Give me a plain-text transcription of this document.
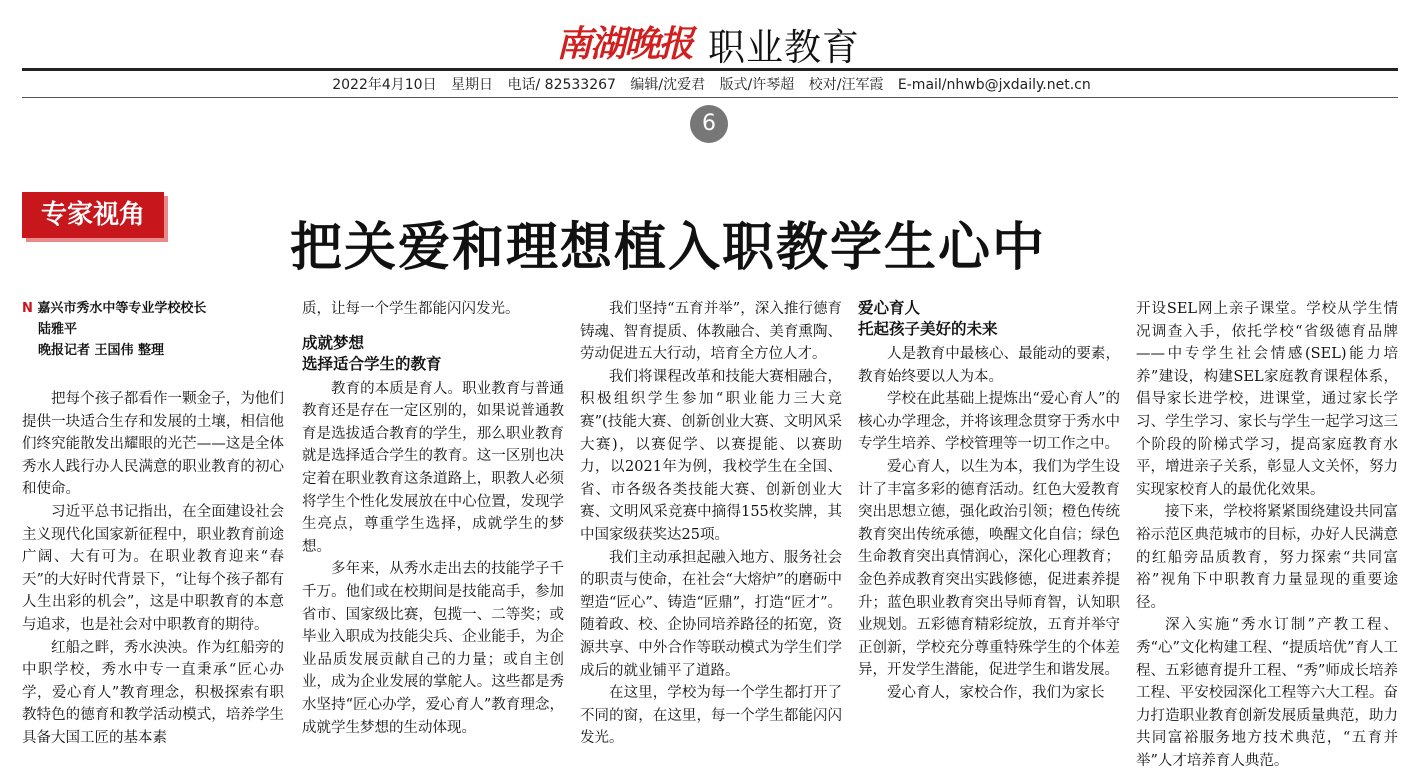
南湖晚报 职业教育
2022年4月10日 星期日 电话/ 82533267 编辑/沈爱君 版式/许琴超 校对/汪军霞 E-mail/nhwb@jxdaily.net.cn
6
专家视角
把关爱和理想植入职教学生心中
N 嘉兴市秀水中等专业学校校长
陆雅平
晚报记者 王国伟 整理

把每个孩子都看作一颗金子，为他们提供一块适合生存和发展的土壤，相信他们终究能散发出耀眼的光芒——这是全体秀水人践行办人民满意的职业教育的初心和使命。

习近平总书记指出，在全面建设社会主义现代化国家新征程中，职业教育前途广阔、大有可为。在职业教育迎来“春天”的大好时代背景下，“让每个孩子都有人生出彩的机会”，这是中职教育的本意与追求，也是社会对中职教育的期待。

红船之畔，秀水泱泱。作为红船旁的中职学校，秀水中专一直秉承“匠心办学，爱心育人”教育理念，积极探索有职教特色的德育和教学活动模式，培养学生具备大国工匠的基本素

质，让每一个学生都能闪闪发光。

成就梦想
选择适合学生的教育

教育的本质是育人。职业教育与普通教育还是存在一定区别的，如果说普通教育是选拔适合教育的学生，那么职业教育就是选择适合学生的教育。这一区别也决定着在职业教育这条道路上，职教人必须将学生个性化发展放在中心位置，发现学生亮点，尊重学生选择，成就学生的梦想。

多年来，从秀水走出去的技能学子千千万。他们或在校期间是技能高手，参加省市、国家级比赛，包揽一、二等奖；或毕业入职成为技能尖兵、企业能手，为企业品质发展贡献自己的力量；或自主创业，成为企业发展的掌舵人。这些都是秀水坚持“匠心办学，爱心育人”教育理念，成就学生梦想的生动体现。

我们坚持“五育并举”，深入推行德育铸魂、智育提质、体教融合、美育熏陶、劳动促进五大行动，培育全方位人才。

我们将课程改革和技能大赛相融合，积极组织学生参加“职业能力三大竞赛”(技能大赛、创新创业大赛、文明风采大赛)，以赛促学、以赛提能、以赛助力，以2021年为例，我校学生在全国、省、市各级各类技能大赛、创新创业大赛、文明风采竞赛中摘得155枚奖牌，其中国家级获奖达25项。

我们主动承担起融入地方、服务社会的职责与使命，在社会“大熔炉”的磨砺中塑造“匠心”、铸造“匠鼎”，打造“匠才”。随着政、校、企协同培养路径的拓宽，资源共享、中外合作等联动模式为学生们学成后的就业铺平了道路。

在这里，学校为每一个学生都打开了不同的窗，在这里，每一个学生都能闪闪发光。

爱心育人
托起孩子美好的未来

人是教育中最核心、最能动的要素，教育始终要以人为本。

学校在此基础上提炼出“爱心育人”的核心办学理念，并将该理念贯穿于秀水中专学生培养、学校管理等一切工作之中。

爱心育人，以生为本，我们为学生设计了丰富多彩的德育活动。红色大爱教育突出思想立德，强化政治引领；橙色传统教育突出传统承德，唤醒文化自信；绿色生命教育突出真情润心，深化心理教育；金色养成教育突出实践修德，促进素养提升；蓝色职业教育突出导师育智，认知职业规划。五彩德育精彩绽放，五育并举守正创新，学校充分尊重特殊学生的个体差异，开发学生潜能，促进学生和谐发展。

爱心育人，家校合作，我们为家长

开设SEL网上亲子课堂。学校从学生情况调查入手，依托学校“省级德育品牌——中专学生社会情感(SEL)能力培养”建设，构建SEL家庭教育课程体系，倡导家长进学校，进课堂，通过家长学习、学生学习、家长与学生一起学习这三个阶段的阶梯式学习，提高家庭教育水平，增进亲子关系，彰显人文关怀，努力实现家校育人的最优化效果。

接下来，学校将紧紧围绕建设共同富裕示范区典范城市的目标，办好人民满意的红船旁品质教育，努力探索“共同富裕”视角下中职教育力量显现的重要途径。

深入实施“秀水订制”产教工程、秀“心”文化构建工程、“提质培优”育人工程、五彩德育提升工程、“秀”师成长培养工程、平安校园深化工程等六大工程。奋力打造职业教育创新发展质量典范，助力共同富裕服务地方技术典范，“五育并举”人才培养育人典范。
